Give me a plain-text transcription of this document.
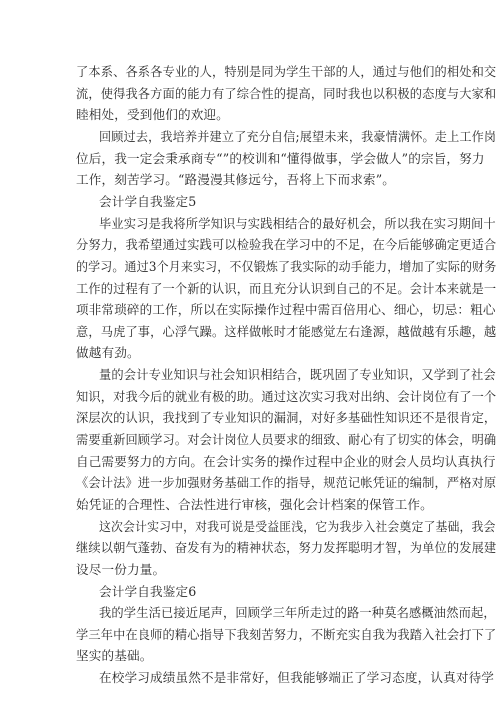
了本系、各系各专业的人，特别是同为学生干部的人，通过与他们的相处和交
流，使得我各方面的能力有了综合性的提高，同时我也以积极的态度与大家和
睦相处，受到他们的欢迎。
回顾过去，我培养并建立了充分自信;展望未来，我豪情满怀。走上工作岗
位后，我一定会秉承商专“”的校训和“懂得做事，学会做人”的宗旨，努力
工作，刻苦学习。“路漫漫其修远兮，吾将上下而求索”。
会计学自我鉴定5
毕业实习是我将所学知识与实践相结合的最好机会，所以我在实习期间十
分努力，我希望通过实践可以检验我在学习中的不足，在今后能够确定更适合
的学习。通过3个月来实习，不仅锻炼了我实际的动手能力，增加了实际的财务
工作的过程有了一个新的认识，而且充分认识到自己的不足。会计本来就是一
项非常琐碎的工作，所以在实际操作过程中需百倍用心、细心，切忌：粗心
意，马虎了事，心浮气躁。这样做帐时才能感觉左右逢源，越做越有乐趣，越
做越有劲。
量的会计专业知识与社会知识相结合，既巩固了专业知识，又学到了社会
知识，对我今后的就业有极的助。通过这次实习我对出纳、会计岗位有了一个
深层次的认识，我找到了专业知识的漏洞，对好多基础性知识还不是很肯定，
需要重新回顾学习。对会计岗位人员要求的细致、耐心有了切实的体会，明确
自己需要努力的方向。在会计实务的操作过程中企业的财会人员均认真执行
《会计法》进一步加强财务基础工作的指导，规范记帐凭证的编制，严格对原
始凭证的合理性、合法性进行审核，强化会计档案的保管工作。
这次会计实习中，对我可说是受益匪浅，它为我步入社会奠定了基础，我会
继续以朝气蓬勃、奋发有为的精神状态，努力发挥聪明才智，为单位的发展建
设尽一份力量。
会计学自我鉴定6
我的学生活已接近尾声，回顾学三年所走过的路一种莫名感概油然而起，
学三年中在良师的精心指导下我刻苦努力，不断充实自我为我踏入社会打下了
坚实的基础。
在校学习成绩虽然不是非常好，但我能够端正了学习态度，认真对待学
